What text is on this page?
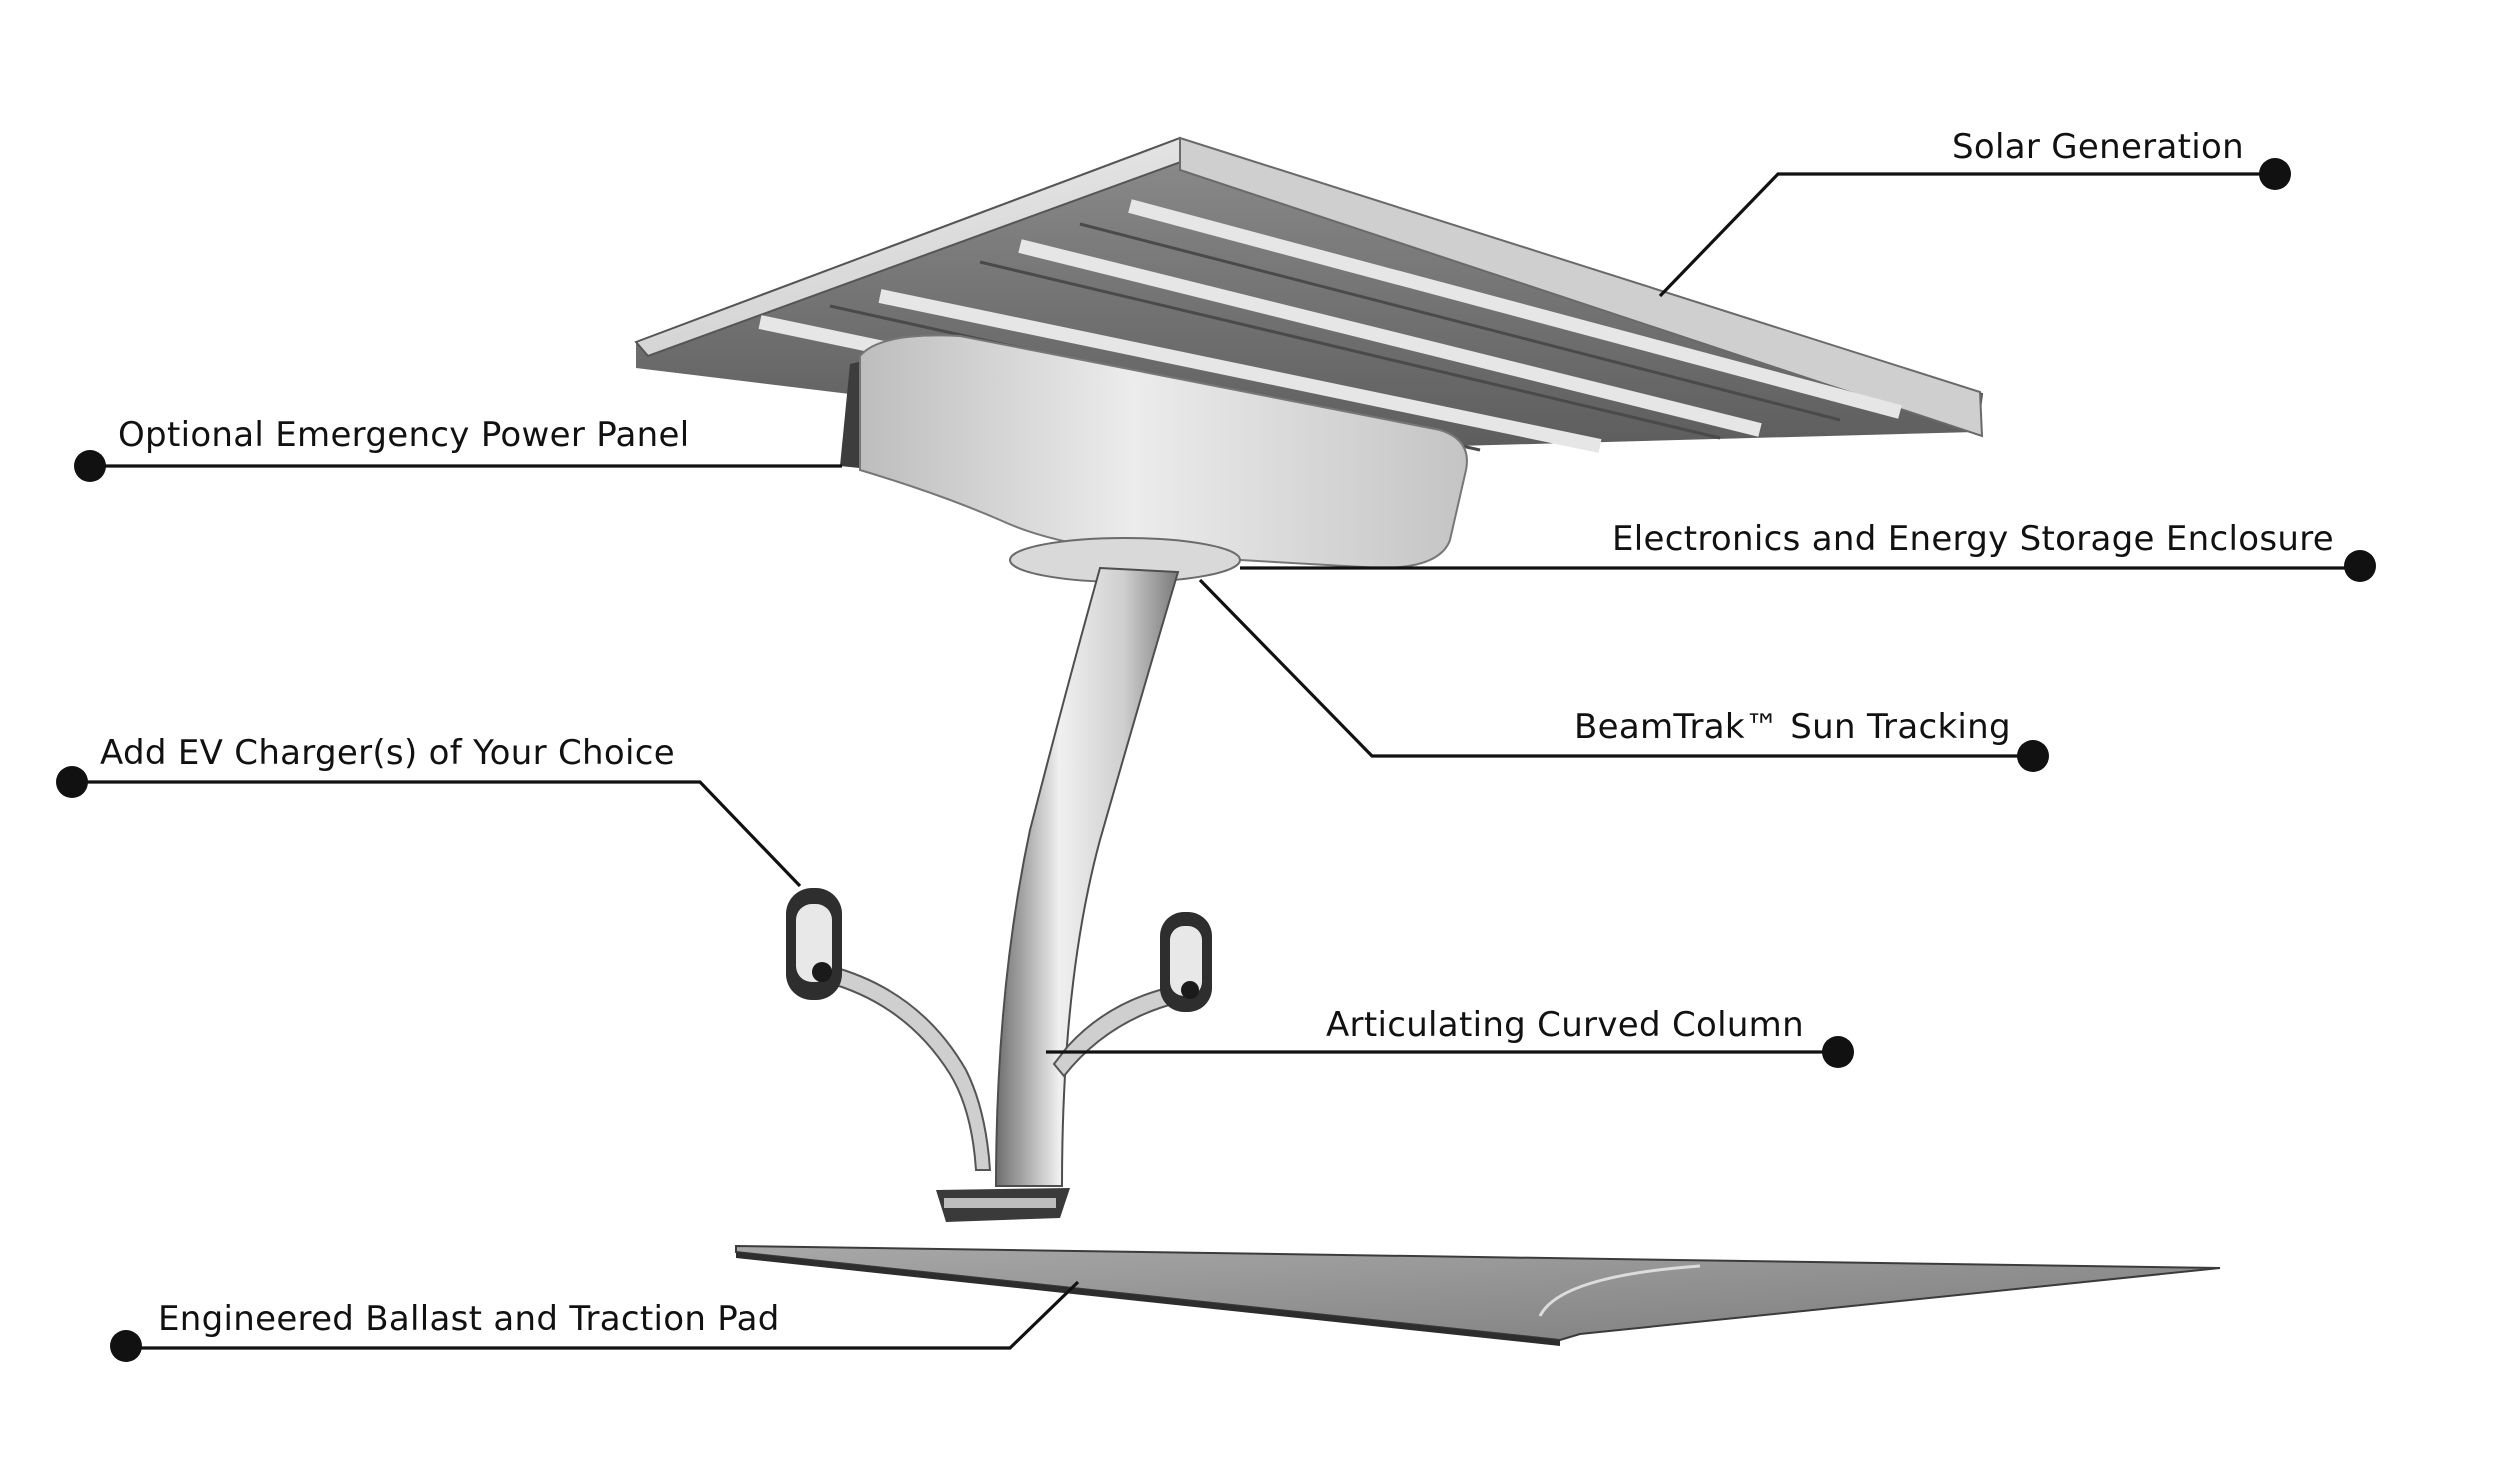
Solar Generation
Optional Emergency Power Panel
Electronics and Energy Storage Enclosure
BeamTrak™ Sun Tracking
Add EV Charger(s) of Your Choice
Articulating Curved Column
Engineered Ballast and Traction Pad
